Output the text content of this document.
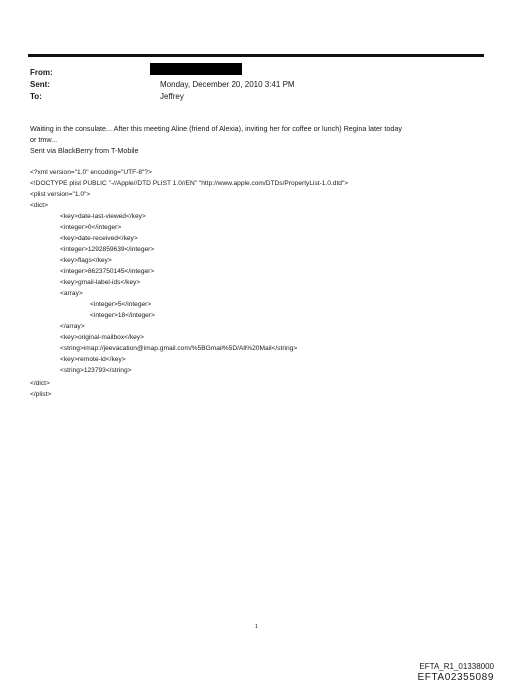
From:
Sent:	Monday, December 20, 2010 3:41 PM
To:	Jeffrey
Waiting in the consulate... After this meeting Aline (friend of Alexia), inviting her for coffee or lunch) Regina later today
or tmw...
Sent via BlackBerry from T-Mobile
<?xml version="1.0" encoding="UTF-8"?>
<!DOCTYPE plist PUBLIC "-//Apple//DTD PLIST 1.0//EN" "http://www.apple.com/DTDs/PropertyList-1.0.dtd">
<plist version="1.0">
<dict>
<key>date-last-viewed</key>
<integer>0</integer>
<key>date-received</key>
<integer>1292859639</integer>
<key>flags</key>
<integer>8623750145</integer>
<key>gmail-label-ids</key>
<array>
<integer>5</integer>
<integer>18</integer>
</array>
<key>original-mailbox</key>
<string>imap://jeevacation@imap.gmail.com/%5BGmail%5D/All%20Mail</string>
<key>remote-id</key>
<string>123793</string>
</dict>
</plist>
1
EFTA_R1_01338000
EFTA02355089
